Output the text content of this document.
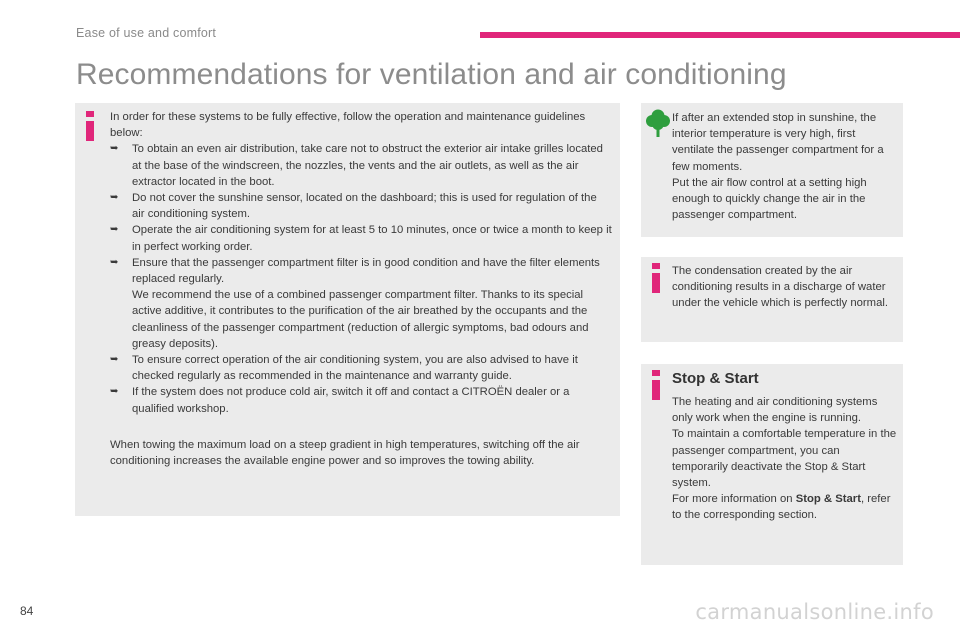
Ease of use and comfort
Recommendations for ventilation and air conditioning

In order for these systems to be fully effective, follow the operation and maintenance guidelines below:

➥ To obtain an even air distribution, take care not to obstruct the exterior air intake grilles located at the base of the windscreen, the nozzles, the vents and the air outlets, as well as the air extractor located in the boot.
➥ Do not cover the sunshine sensor, located on the dashboard; this is used for regulation of the air conditioning system.
➥ Operate the air conditioning system for at least 5 to 10 minutes, once or twice a month to keep it in perfect working order.
➥ Ensure that the passenger compartment filter is in good condition and have the filter elements replaced regularly.
We recommend the use of a combined passenger compartment filter. Thanks to its special active additive, it contributes to the purification of the air breathed by the occupants and the cleanliness of the passenger compartment (reduction of allergic symptoms, bad odours and greasy deposits).
➥ To ensure correct operation of the air conditioning system, you are also advised to have it checked regularly as recommended in the maintenance and warranty guide.
➥ If the system does not produce cold air, switch it off and contact a CITROËN dealer or a qualified workshop.

When towing the maximum load on a steep gradient in high temperatures, switching off the air conditioning increases the available engine power and so improves the towing ability.

If after an extended stop in sunshine, the interior temperature is very high, first ventilate the passenger compartment for a few moments.

Put the air flow control at a setting high enough to quickly change the air in the passenger compartment.

The condensation created by the air conditioning results in a discharge of water under the vehicle which is perfectly normal.

Stop & Start

The heating and air conditioning systems only work when the engine is running.

To maintain a comfortable temperature in the passenger compartment, you can temporarily deactivate the Stop & Start system.

For more information on Stop & Start, refer to the corresponding section.

84	carmanualsonline.info
